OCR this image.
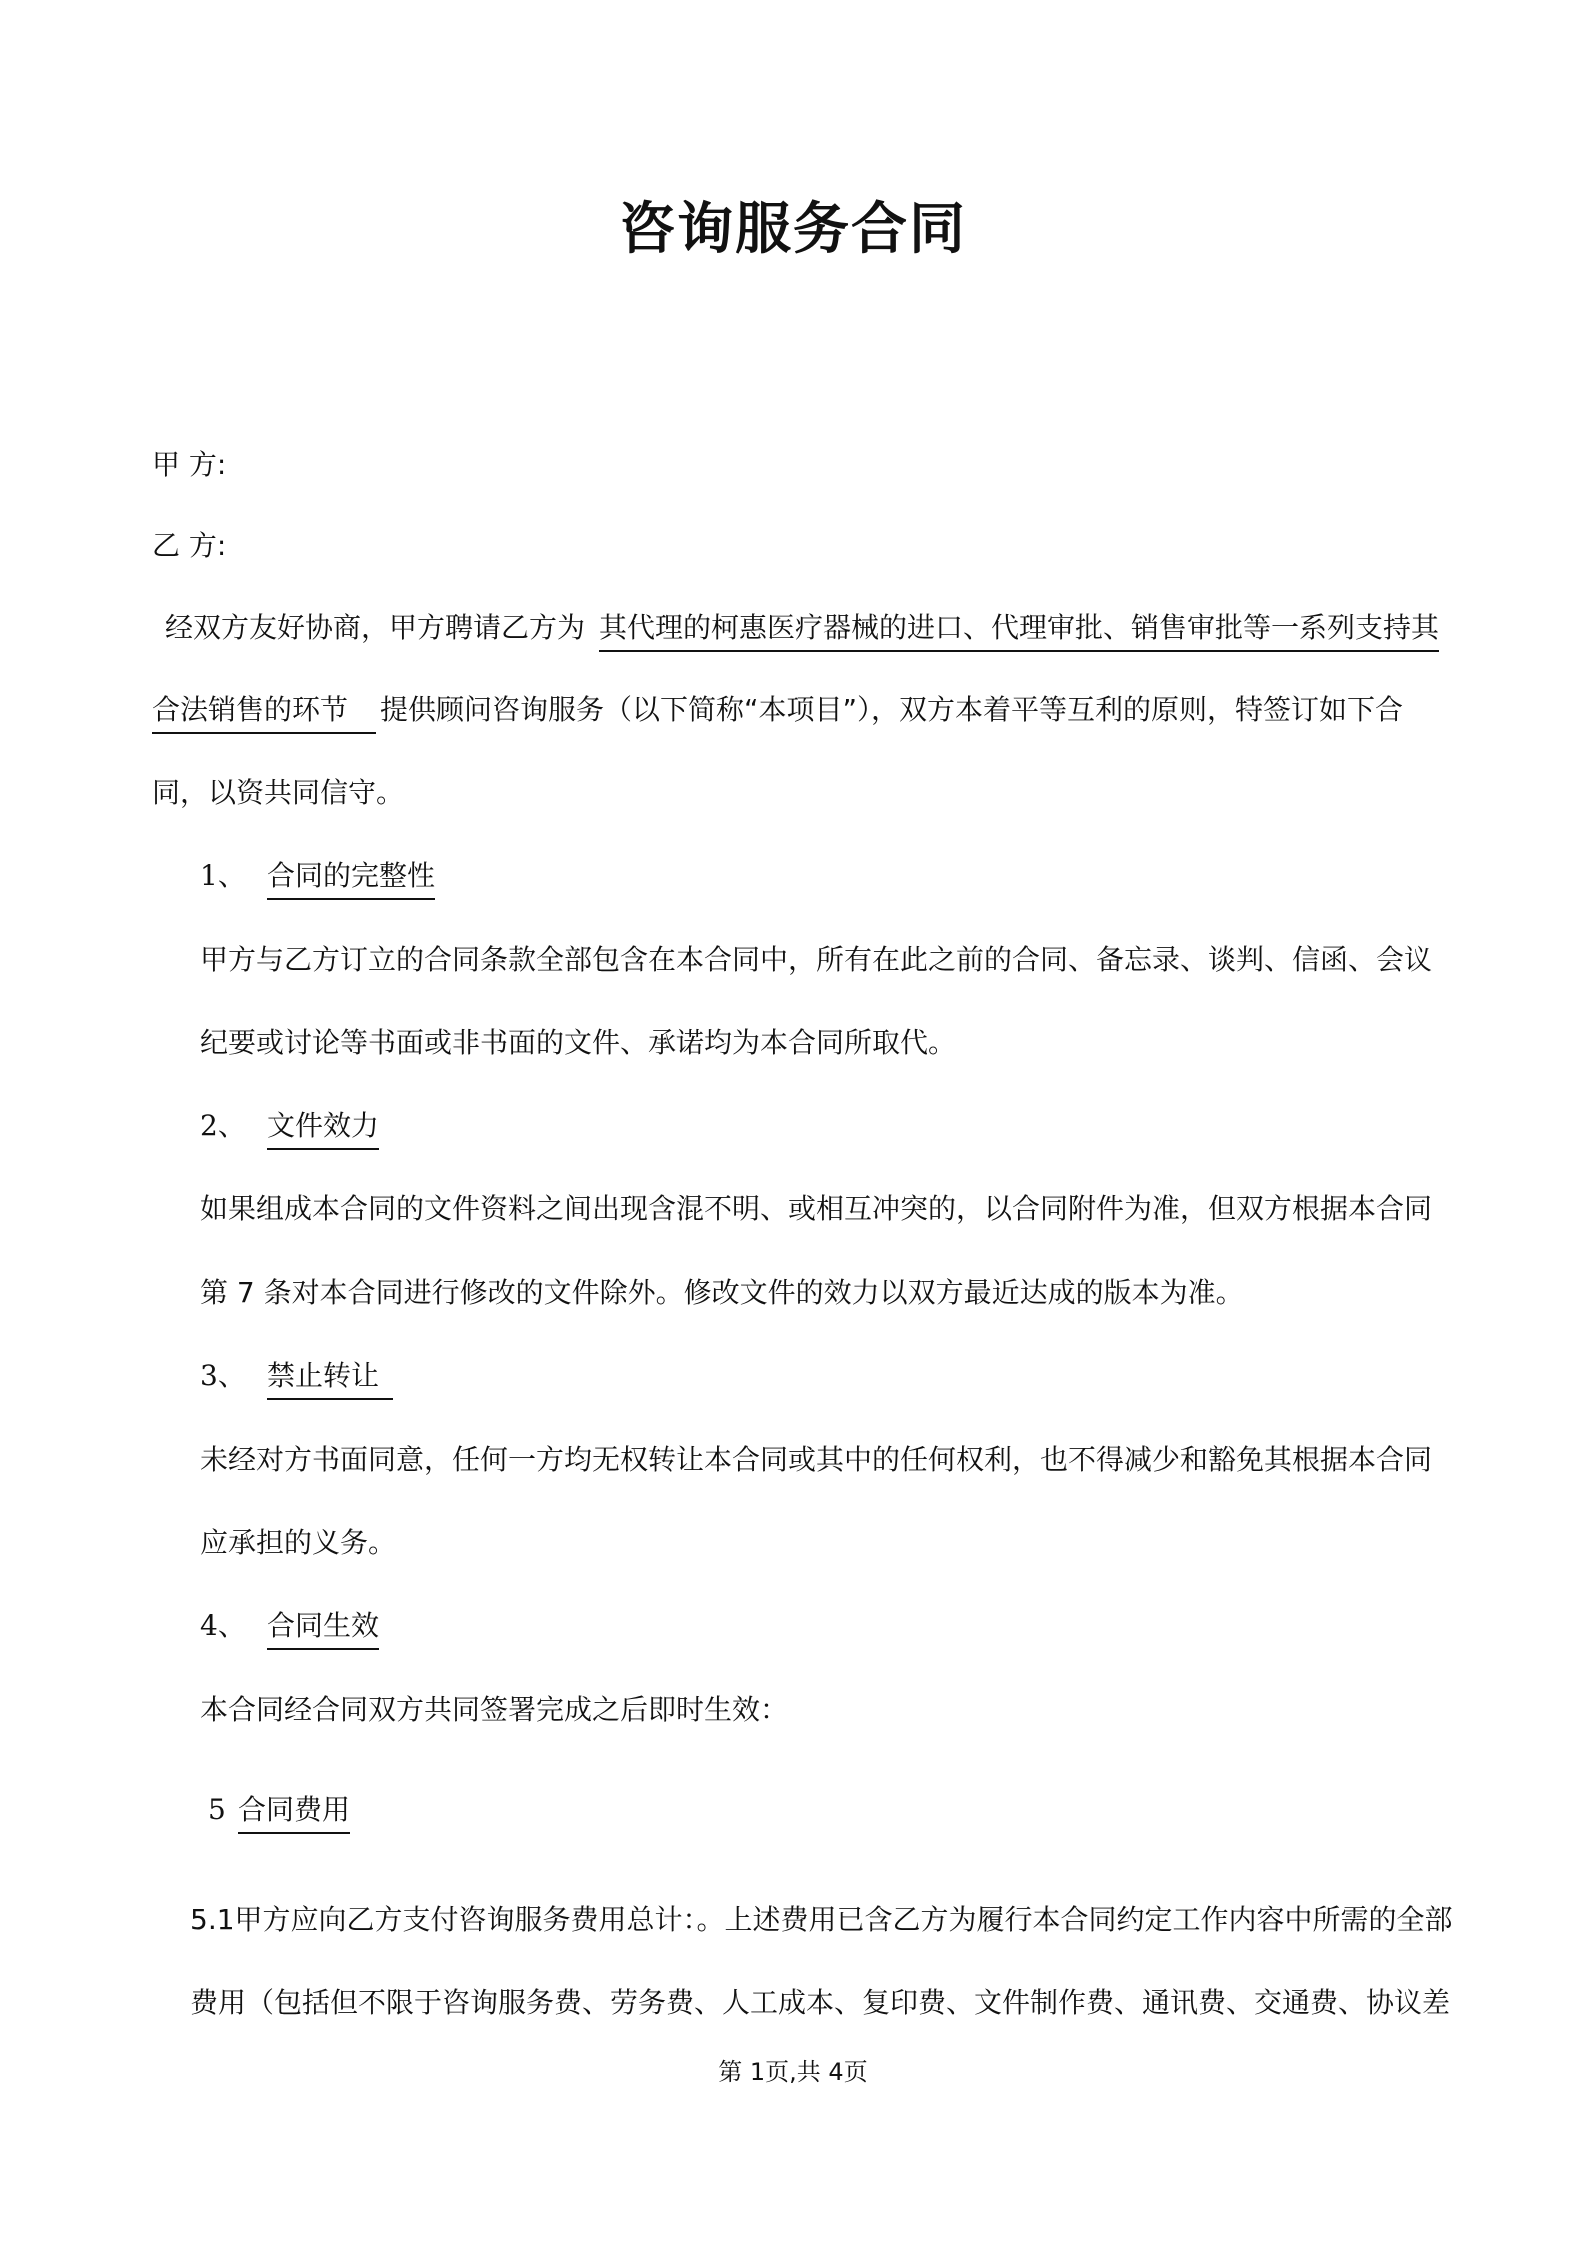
咨询服务合同
甲 方:
乙 方:
经双方友好协商，甲方聘请乙方为 其代理的柯惠医疗器械的进口、代理审批、销售审批等一系列支持其
合法销售的环节 提供顾问咨询服务（以下简称“本项目”），双方本着平等互利的原则，特签订如下合
同，以资共同信守。
1、 合同的完整性
甲方与乙方订立的合同条款全部包含在本合同中，所有在此之前的合同、备忘录、谈判、信函、会议
纪要或讨论等书面或非书面的文件、承诺均为本合同所取代。
2、 文件效力
如果组成本合同的文件资料之间出现含混不明、或相互冲突的，以合同附件为准，但双方根据本合同
第 7 条对本合同进行修改的文件除外。修改文件的效力以双方最近达成的版本为准。
3、 禁止转让
未经对方书面同意，任何一方均无权转让本合同或其中的任何权利，也不得减少和豁免其根据本合同
应承担的义务。
4、 合同生效
本合同经合同双方共同签署完成之后即时生效：
5 合同费用
5.1甲方应向乙方支付咨询服务费用总计：。上述费用已含乙方为履行本合同约定工作内容中所需的全部
费用（包括但不限于咨询服务费、劳务费、人工成本、复印费、文件制作费、通讯费、交通费、协议差
第 1页,共 4页
